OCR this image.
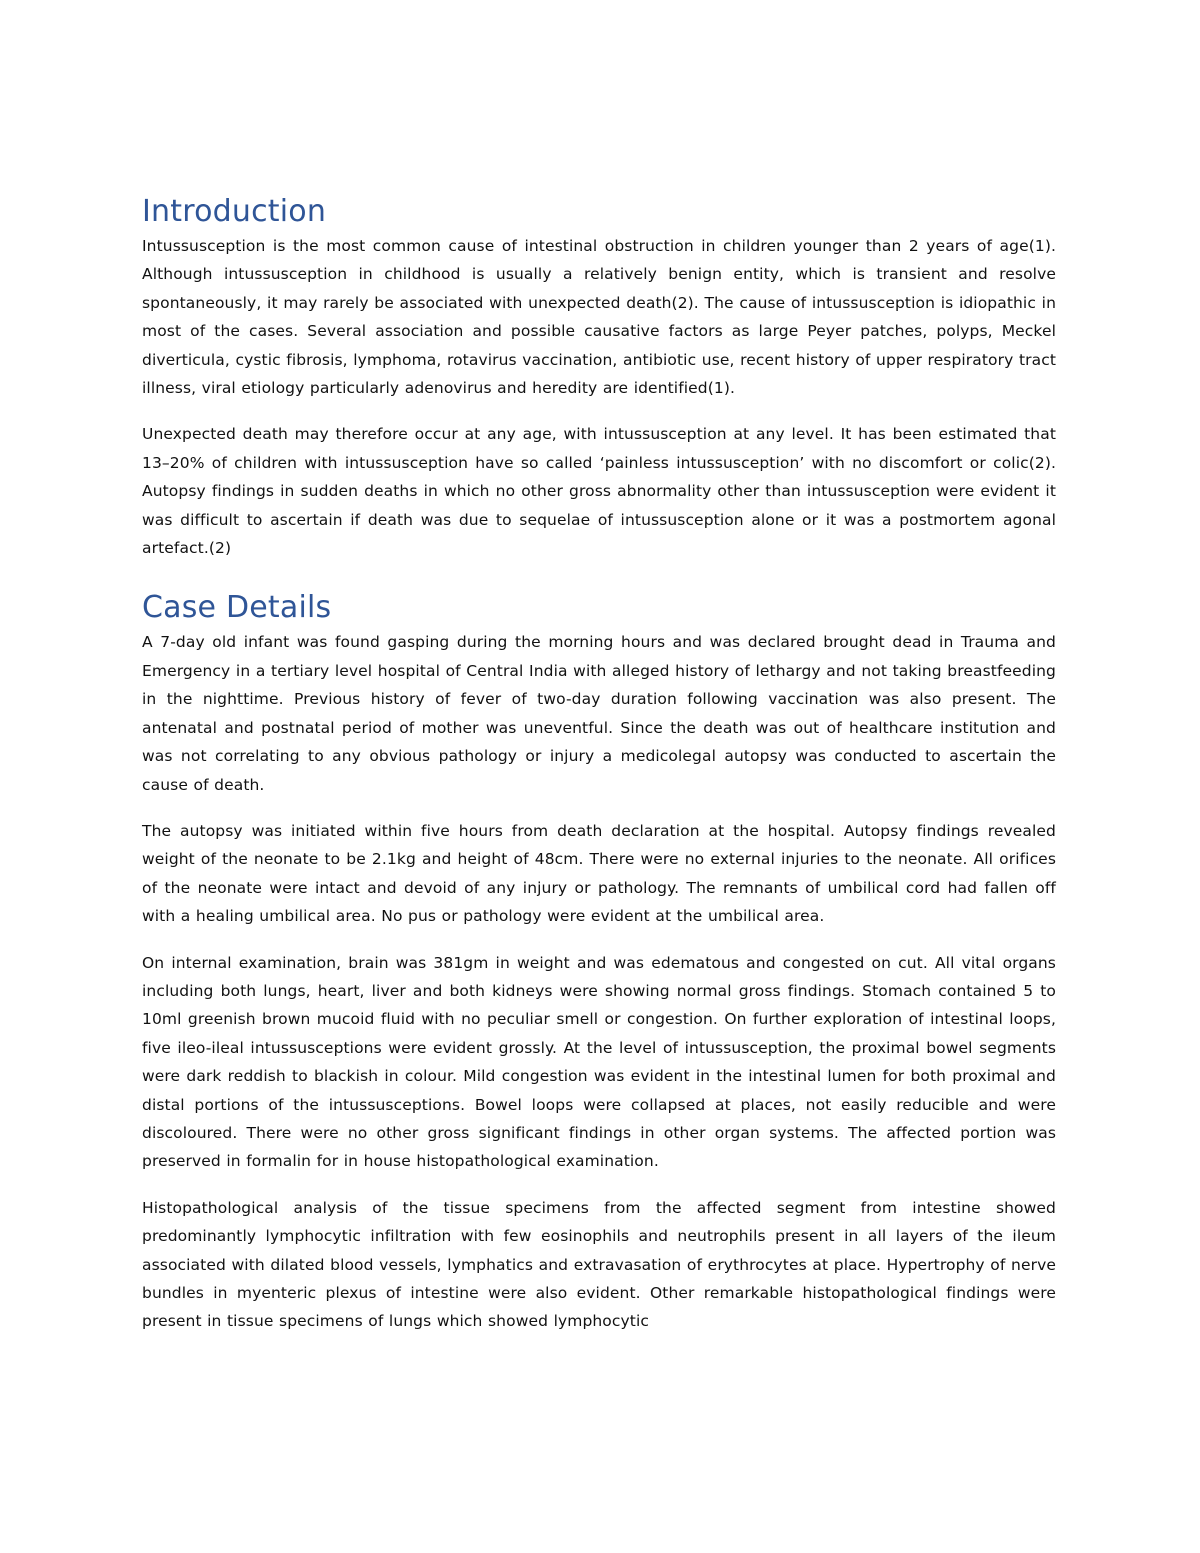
Introduction

Intussusception is the most common cause of intestinal obstruction in children younger than 2 years of age(1). Although intussusception in childhood is usually a relatively benign entity, which is transient and resolve spontaneously, it may rarely be associated with unexpected death(2). The cause of intussusception is idiopathic in most of the cases. Several association and possible causative factors as large Peyer patches, polyps, Meckel diverticula, cystic fibrosis, lymphoma, rotavirus vaccination, antibiotic use, recent history of upper respiratory tract illness, viral etiology particularly adenovirus and heredity are identified(1).

Unexpected death may therefore occur at any age, with intussusception at any level. It has been estimated that 13–20% of children with intussusception have so called ‘painless intussusception’ with no discomfort or colic(2). Autopsy findings in sudden deaths in which no other gross abnormality other than intussusception were evident it was difficult to ascertain if death was due to sequelae of intussusception alone or it was a postmortem agonal artefact.(2)

Case Details

A 7-day old infant was found gasping during the morning hours and was declared brought dead in Trauma and Emergency in a tertiary level hospital of Central India with alleged history of lethargy and not taking breastfeeding in the nighttime. Previous history of fever of two-day duration following vaccination was also present. The antenatal and postnatal period of mother was uneventful. Since the death was out of healthcare institution and was not correlating to any obvious pathology or injury a medicolegal autopsy was conducted to ascertain the cause of death.

The autopsy was initiated within five hours from death declaration at the hospital. Autopsy findings revealed weight of the neonate to be 2.1kg and height of 48cm. There were no external injuries to the neonate. All orifices of the neonate were intact and devoid of any injury or pathology. The remnants of umbilical cord had fallen off with a healing umbilical area. No pus or pathology were evident at the umbilical area.

On internal examination, brain was 381gm in weight and was edematous and congested on cut. All vital organs including both lungs, heart, liver and both kidneys were showing normal gross findings. Stomach contained 5 to 10ml greenish brown mucoid fluid with no peculiar smell or congestion. On further exploration of intestinal loops, five ileo-ileal intussusceptions were evident grossly. At the level of intussusception, the proximal bowel segments were dark reddish to blackish in colour. Mild congestion was evident in the intestinal lumen for both proximal and distal portions of the intussusceptions. Bowel loops were collapsed at places, not easily reducible and were discoloured. There were no other gross significant findings in other organ systems. The affected portion was preserved in formalin for in house histopathological examination.

Histopathological analysis of the tissue specimens from the affected segment from intestine showed predominantly lymphocytic infiltration with few eosinophils and neutrophils present in all layers of the ileum associated with dilated blood vessels, lymphatics and extravasation of erythrocytes at place. Hypertrophy of nerve bundles in myenteric plexus of intestine were also evident. Other remarkable histopathological findings were present in tissue specimens of lungs which showed lymphocytic
